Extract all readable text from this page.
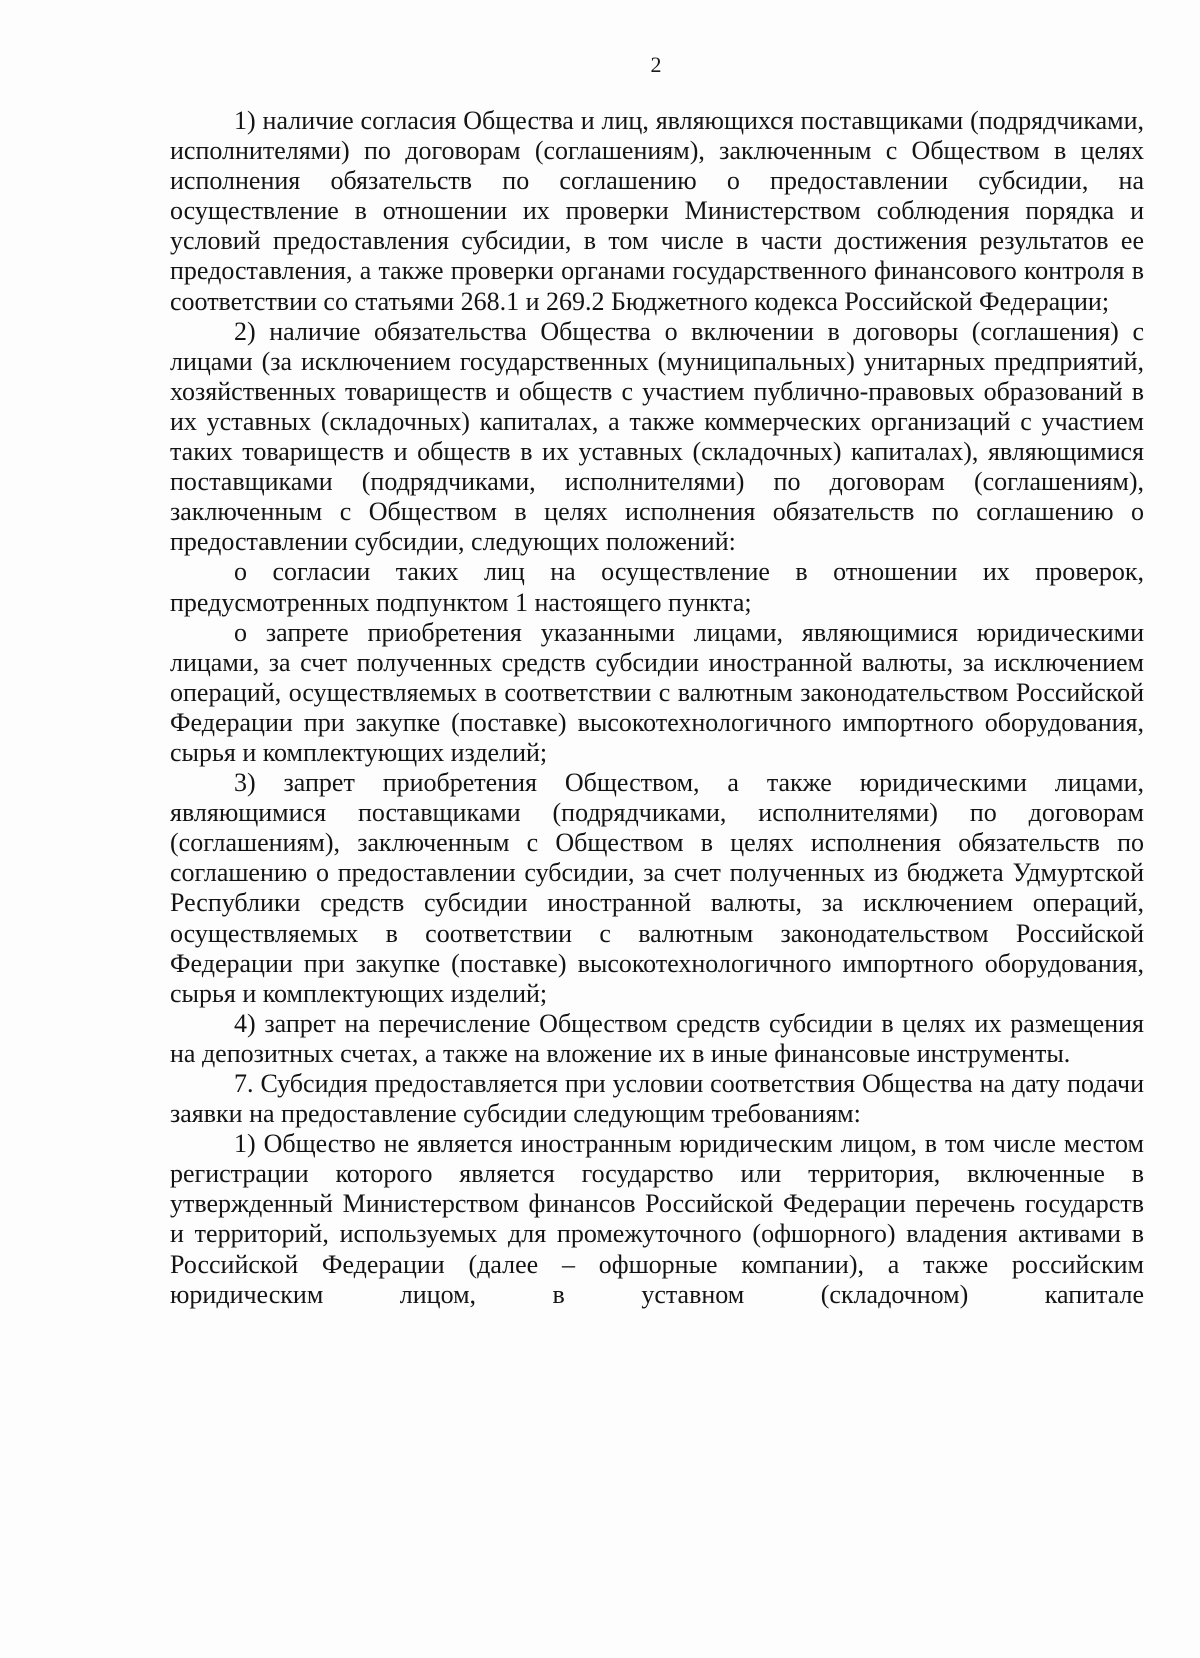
2

1) наличие согласия Общества и лиц, являющихся поставщиками (подрядчиками, исполнителями) по договорам (соглашениям), заключенным с Обществом в целях исполнения обязательств по соглашению о предоставлении субсидии, на осуществление в отношении их проверки Министерством соблюдения порядка и условий предоставления субсидии, в том числе в части достижения результатов ее предоставления, а также проверки органами государственного финансового контроля в соответствии со статьями 268.1 и 269.2 Бюджетного кодекса Российской Федерации;

2) наличие обязательства Общества о включении в договоры (соглашения) с лицами (за исключением государственных (муниципальных) унитарных предприятий, хозяйственных товариществ и обществ с участием публично-правовых образований в их уставных (складочных) капиталах, а также коммерческих организаций с участием таких товариществ и обществ в их уставных (складочных) капиталах), являющимися поставщиками (подрядчиками, исполнителями) по договорам (соглашениям), заключенным с Обществом в целях исполнения обязательств по соглашению о предоставлении субсидии, следующих положений:

о согласии таких лиц на осуществление в отношении их проверок, предусмотренных подпунктом 1 настоящего пункта;

о запрете приобретения указанными лицами, являющимися юридическими лицами, за счет полученных средств субсидии иностранной валюты, за исключением операций, осуществляемых в соответствии с валютным законодательством Российской Федерации при закупке (поставке) высокотехнологичного импортного оборудования, сырья и комплектующих изделий;

3) запрет приобретения Обществом, а также юридическими лицами, являющимися поставщиками (подрядчиками, исполнителями) по договорам (соглашениям), заключенным с Обществом в целях исполнения обязательств по соглашению о предоставлении субсидии, за счет полученных из бюджета Удмуртской Республики средств субсидии иностранной валюты, за исключением операций, осуществляемых в соответствии с валютным законодательством Российской Федерации при закупке (поставке) высокотехнологичного импортного оборудования, сырья и комплектующих изделий;

4) запрет на перечисление Обществом средств субсидии в целях их размещения на депозитных счетах, а также на вложение их в иные финансовые инструменты.

7. Субсидия предоставляется при условии соответствия Общества на дату подачи заявки на предоставление субсидии следующим требованиям:

1) Общество не является иностранным юридическим лицом, в том числе местом регистрации которого является государство или территория, включенные в утвержденный Министерством финансов Российской Федерации перечень государств и территорий, используемых для промежуточного (офшорного) владения активами в Российской Федерации (далее – офшорные компании), а также российским юридическим лицом, в уставном (складочном) капитале
